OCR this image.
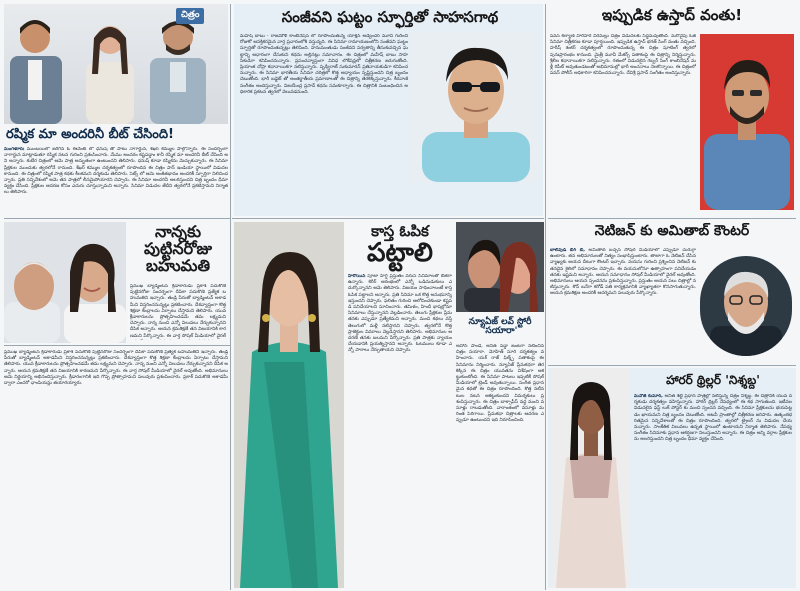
చిత్రం
రష్మిక మా అందరినీ బీట్ చేసింది!
మంగళూరు ముంబయిలో జరిగిన ఓ ఈవెంట్ లో ధనుష్ తో పాటు నాగార్జున, శేఖర్ కమ్ముల పాల్గొన్నారు. ఈ సందర్భంగా నాగార్జున మాట్లాడుతూ రష్మిక నటన గురించి ప్రశంసించారు. మేము అందరం కష్టపడ్డాం కానీ రష్మిక మా అందరినీ బీట్ చేసింది అని అన్నారు. కుబేర చిత్రంలో ఆమె పాత్ర అద్భుతంగా ఉంటుందని తెలిపారు. ధనుష్ కూడా రష్మికను మెచ్చుకున్నారు. ఈ సినిమా ప్రేక్షకుల ముందుకు త్వరలోనే రానుంది. శేఖర్ కమ్ముల దర్శకత్వంలో రూపొందిన ఈ చిత్రం పాన్ ఇండియా స్థాయిలో విడుదల కానుంది. ఈ చిత్రంలో రష్మిక పాత్ర కథకు కీలకమని దర్శకుడు తెలిపారు. సెట్స్ లో ఆమె అంకితభావం అందరికీ స్ఫూర్తిగా నిలిచిందన్నారు. ప్రతి సన్నివేశంలో ఆమె తన పాత్రలో లీనమైపోయారని చెప్పారు. ఈ సినిమా అందరినీ అలరిస్తుందని చిత్ర బృందం ధీమా వ్యక్తం చేసింది. ప్రేక్షకుల ఆదరణ కోసం ఎదురు చూస్తున్నామని అన్నారు. సినిమా విడుదల తేదీని త్వరలోనే ప్రకటిస్తామని నిర్మాతలు తెలిపారు.
సంజీవని ఘట్టం స్ఫూర్తితో సాహసగాథ
మహేష్ బాబు - రాజమౌళి కాంబినేషన్ లో రూపొందుతున్న యాక్షన్ అడ్వెంచర్ మూవీ గురించి రోజుకో ఆసక్తికరమైన వార్త ప్రచారంలోకి వస్తున్నది. ఈ సినిమా రామాయణంలోని సంజీవని ఘట్టం స్ఫూర్తితో రూపొందుతున్నట్లు తెలిసింది. హనుమంతుడు సంజీవని పర్వతాన్ని తీసుకువచ్చిన ఘట్టాన్ని ఆధారంగా చేసుకుని కథను అల్లినట్లు సమాచారం. ఈ చిత్రంలో మహేష్ బాబు సాహసికుడిగా కనిపించనున్నారు. ప్రపంచవ్యాప్తంగా వివిధ లొకేషన్లలో చిత్రీకరణ జరుగుతోంది. ప్రియాంక చోప్రా కథానాయికగా నటిస్తున్నారు. పృథ్వీరాజ్ సుకుమారన్ ప్రతినాయకుడిగా కనిపించనున్నారు. ఈ సినిమా భారతీయ సినిమా చరిత్రలో కొత్త అధ్యాయం సృష్టిస్తుందని చిత్ర బృందం చెబుతోంది. భారీ బడ్జెట్ తో అంతర్జాతీయ ప్రమాణాలతో ఈ చిత్రాన్ని తెరకెక్కిస్తున్నారు. కీరవాణి సంగీతం అందిస్తున్నారు. విజయేంద్ర ప్రసాద్ కథను సమకూర్చారు. ఈ చిత్రానికి సంబంధించిన అధికారిక ప్రకటన త్వరలో వెలువడనుంది.
ఇప్పుడిక ఉస్తాద్ వంతు!
పవన్ కల్యాణ్ హరిహర వీరమల్లు చిత్రం విడుదలకు సిద్ధమవుతోంది. మరోవైపు ఓజీ సినిమా చిత్రీకరణ కూడా పూర్తయింది. ఇప్పుడిక ఉస్తాద్ భగత్ సింగ్ వంతు వచ్చింది. హరీష్ శంకర్ దర్శకత్వంలో రూపొందుతున్న ఈ చిత్రం షూటింగ్ త్వరలో పునఃప్రారంభం కానుంది. మైత్రీ మూవీ మేకర్స్ పతాకంపై ఈ చిత్రాన్ని నిర్మిస్తున్నారు. శ్రీలీల కథానాయికగా నటిస్తున్నారు. గతంలో విడుదలైన గబ్బర్ సింగ్ కాంబినేషన్ మళ్లీ రిపీట్ అవుతుండటంతో అభిమానుల్లో భారీ అంచనాలు నెలకొన్నాయి. ఈ చిత్రంలో పవన్ పోలీస్ అధికారిగా కనిపించనున్నారు. దేవిశ్రీ ప్రసాద్ సంగీతం అందిస్తున్నారు.
నాన్నకు
పుట్టినరోజు
బహుమతి
ప్రముఖ బ్యాడ్మింటన్ క్రీడాకారుడు ప్రకాశ్ పదుకొణె పుట్టినరోజు సందర్భంగా దీపికా పదుకొణె ప్రత్యేక బహుమతిని ఇచ్చారు. తండ్రి పేరుతో బ్యాడ్మింటన్ అకాడమీని విస్తరించనున్నట్లు ప్రకటించారు. దేశవ్యాప్తంగా కొత్త శిక్షణా కేంద్రాలను ఏర్పాటు చేస్తామని తెలిపారు. యువ క్రీడాకారులను ప్రోత్సహించడమే తమ లక్ష్యమని చెప్పారు. నాన్న నుంచి ఎన్నో విలువలు నేర్చుకున్నానని దీపిక అన్నారు. ఆయన క్రమశిక్షణే తన విజయానికి కారణమని పేర్కొన్నారు. ఈ వార్త సోషల్ మీడియాలో వైరల్
ప్రముఖ బ్యాడ్మింటన్ క్రీడాకారుడు ప్రకాశ్ పదుకొణె పుట్టినరోజు సందర్భంగా దీపికా పదుకొణె ప్రత్యేక బహుమతిని ఇచ్చారు. తండ్రి పేరుతో బ్యాడ్మింటన్ అకాడమీని విస్తరించనున్నట్లు ప్రకటించారు. దేశవ్యాప్తంగా కొత్త శిక్షణా కేంద్రాలను ఏర్పాటు చేస్తామని తెలిపారు. యువ క్రీడాకారులను ప్రోత్సహించడమే తమ లక్ష్యమని చెప్పారు. నాన్న నుంచి ఎన్నో విలువలు నేర్చుకున్నానని దీపిక అన్నారు. ఆయన క్రమశిక్షణే తన విజయానికి కారణమని పేర్కొన్నారు. ఈ వార్త సోషల్ మీడియాలో వైరల్ అవుతోంది. అభిమానులు ఆమె నిర్ణయాన్ని అభినందిస్తున్నారు. క్రీడారంగానికి ఇది గొప్ప ప్రోత్సాహమని పలువురు ప్రశంసించారు. ప్రకాశ్ పదుకొణె అకాడమీ ద్వారా ఎందరో ఛాంపియన్లు తయారయ్యారు.
కాస్త ఓపిక
పట్టాలి
హీరోయిన్ పూజా హెగ్డే ప్రస్తుతం వరుస సినిమాలతో బిజీగా ఉన్నారు. కెరీర్ ఆరంభంలో ఎన్నో ఒడిదుడుకులు ఎదుర్కొన్నానని ఆమె తెలిపారు. విజయం సాధించాలంటే కాస్త ఓపిక పట్టాలని అన్నారు. ప్రతి సినిమా ఒక కొత్త అనుభవాన్ని ఇస్తుందని చెప్పారు. ఫలితం గురించి ఆలోచించకుండా కష్టపడి పనిచేయాలని సూచించారు. తమిళం, హిందీ భాషల్లోనూ సినిమాలు చేస్తున్నానని వెల్లడించారు. తెలుగు ప్రేక్షకుల ప్రేమ తనకు ఎప్పుడూ ప్రత్యేకమని అన్నారు. మంచి కథలు వస్తే తెలుగులో మళ్లీ నటిస్తానని చెప్పారు. త్వరలోనే కొత్త ప్రాజెక్టుల వివరాలు వెల్లడిస్తానని తెలిపారు. అభిమానుల ఆదరణే తనకు బలమని పేర్కొన్నారు. ప్రతి పాత్రకు న్యాయం చేయడానికి ప్రయత్నిస్తానని అన్నారు. ఓటములు కూడా ఎన్నో పాఠాలు నేర్పుతాయని చెప్పారు.
న్యూఏజ్ లవ్ స్టోరీ 'సయారా'
అహాన్ పాండే, అనీత్ పడ్డా జంటగా నటించిన చిత్రం సయారా. మోహిత్ సూరి దర్శకత్వం వహించారు. యశ్ రాజ్ ఫిల్మ్స్ పతాకంపై ఈ సినిమాను నిర్మించారు. న్యూఏజ్ ప్రేమకథగా తెరకెక్కిన ఈ చిత్రం యువతను విశేషంగా ఆకట్టుకుంటోంది. ఈ సినిమా పాటలు ఇప్పటికే సోషల్ మీడియాలో ట్రెండ్ అవుతున్నాయి. సంగీత ప్రధానమైన కథతో ఈ చిత్రం రూపొందింది. కొత్త నటీనటుల నటన ఆకట్టుకుందని విమర్శకులు ప్రశంసిస్తున్నారు. ఈ చిత్రం బాక్సాఫీస్ వద్ద మంచి వసూళ్లు రాబడుతోంది. వారాంతంలో వసూళ్లు మరింత పెరిగాయి. ప్రేమకథా చిత్రాలకు ఆదరణ ఎప్పుడూ ఉంటుందని ఇది నిరూపించింది.
నెటిజన్ కు అమితాబ్ కౌంటర్
బాలీవుడ్ బిగ్ బి, అమితాబ్ బచ్చన్ సోషల్ మీడియాలో ఎప్పుడూ చురుగ్గా ఉంటారు. తన అభిమానులతో నిత్యం సంభాషిస్తుంటారు. తాజాగా ఓ నెటిజన్ చేసిన వ్యాఖ్యకు ఆయన దీటుగా కౌంటర్ ఇచ్చారు. వయసు గురించి ప్రశ్నించిన నెటిజన్ కు తనదైన శైలిలో సమాధానం చెప్పారు. ఈ వయసులోనూ ఉత్సాహంగా పనిచేయడం తనకు ఇష్టమని అన్నారు. ఆయన సమాధానం సోషల్ మీడియాలో వైరల్ అవుతోంది. అభిమానులు ఆయన స్పందనను ప్రశంసిస్తున్నారు. ప్రస్తుతం ఆయన పలు చిత్రాల్లో నటిస్తున్నారు. కౌన్ బనేగా కరోడ్ పతి కార్యక్రమానికి వ్యాఖ్యాతగా కొనసాగుతున్నారు. ఆయన క్రమశిక్షణ అందరికీ ఆదర్శమని పలువురు పేర్కొన్నారు.
హారర్ థ్రిల్లర్ 'నిశ్శబ్ద'
మనోజ్ కుమార్, అనిత శెట్టి ప్రధాన పాత్రల్లో నటిస్తున్న చిత్రం నిశ్శబ్ద. ఈ చిత్రానికి యువ దర్శకుడు దర్శకత్వం వహిస్తున్నారు. హారర్ థ్రిల్లర్ నేపథ్యంలో ఈ కథ సాగుతుంది. ఇటీవల విడుదలైన ఫస్ట్ లుక్ పోస్టర్ కు మంచి స్పందన వచ్చింది. ఈ సినిమా ప్రేక్షకులను భయపెట్టడం ఖాయమని చిత్ర బృందం చెబుతోంది. అటవీ ప్రాంతాల్లో చిత్రీకరణ జరిపారు. ఉత్కంఠభరితమైన సన్నివేశాలతో ఈ చిత్రం రూపొందింది. త్వరలో ట్రైలర్ ను విడుదల చేయనున్నారు. సాంకేతిక విలువలు ఉన్నత స్థాయిలో ఉంటాయని నిర్మాత తెలిపారు. నేపథ్య సంగీతం సినిమాకు ప్రధాన ఆకర్షణగా నిలుస్తుందని అన్నారు. ఈ చిత్రం అన్ని వర్గాల ప్రేక్షకులను అలరిస్తుందని చిత్ర బృందం ధీమా వ్యక్తం చేసింది.
